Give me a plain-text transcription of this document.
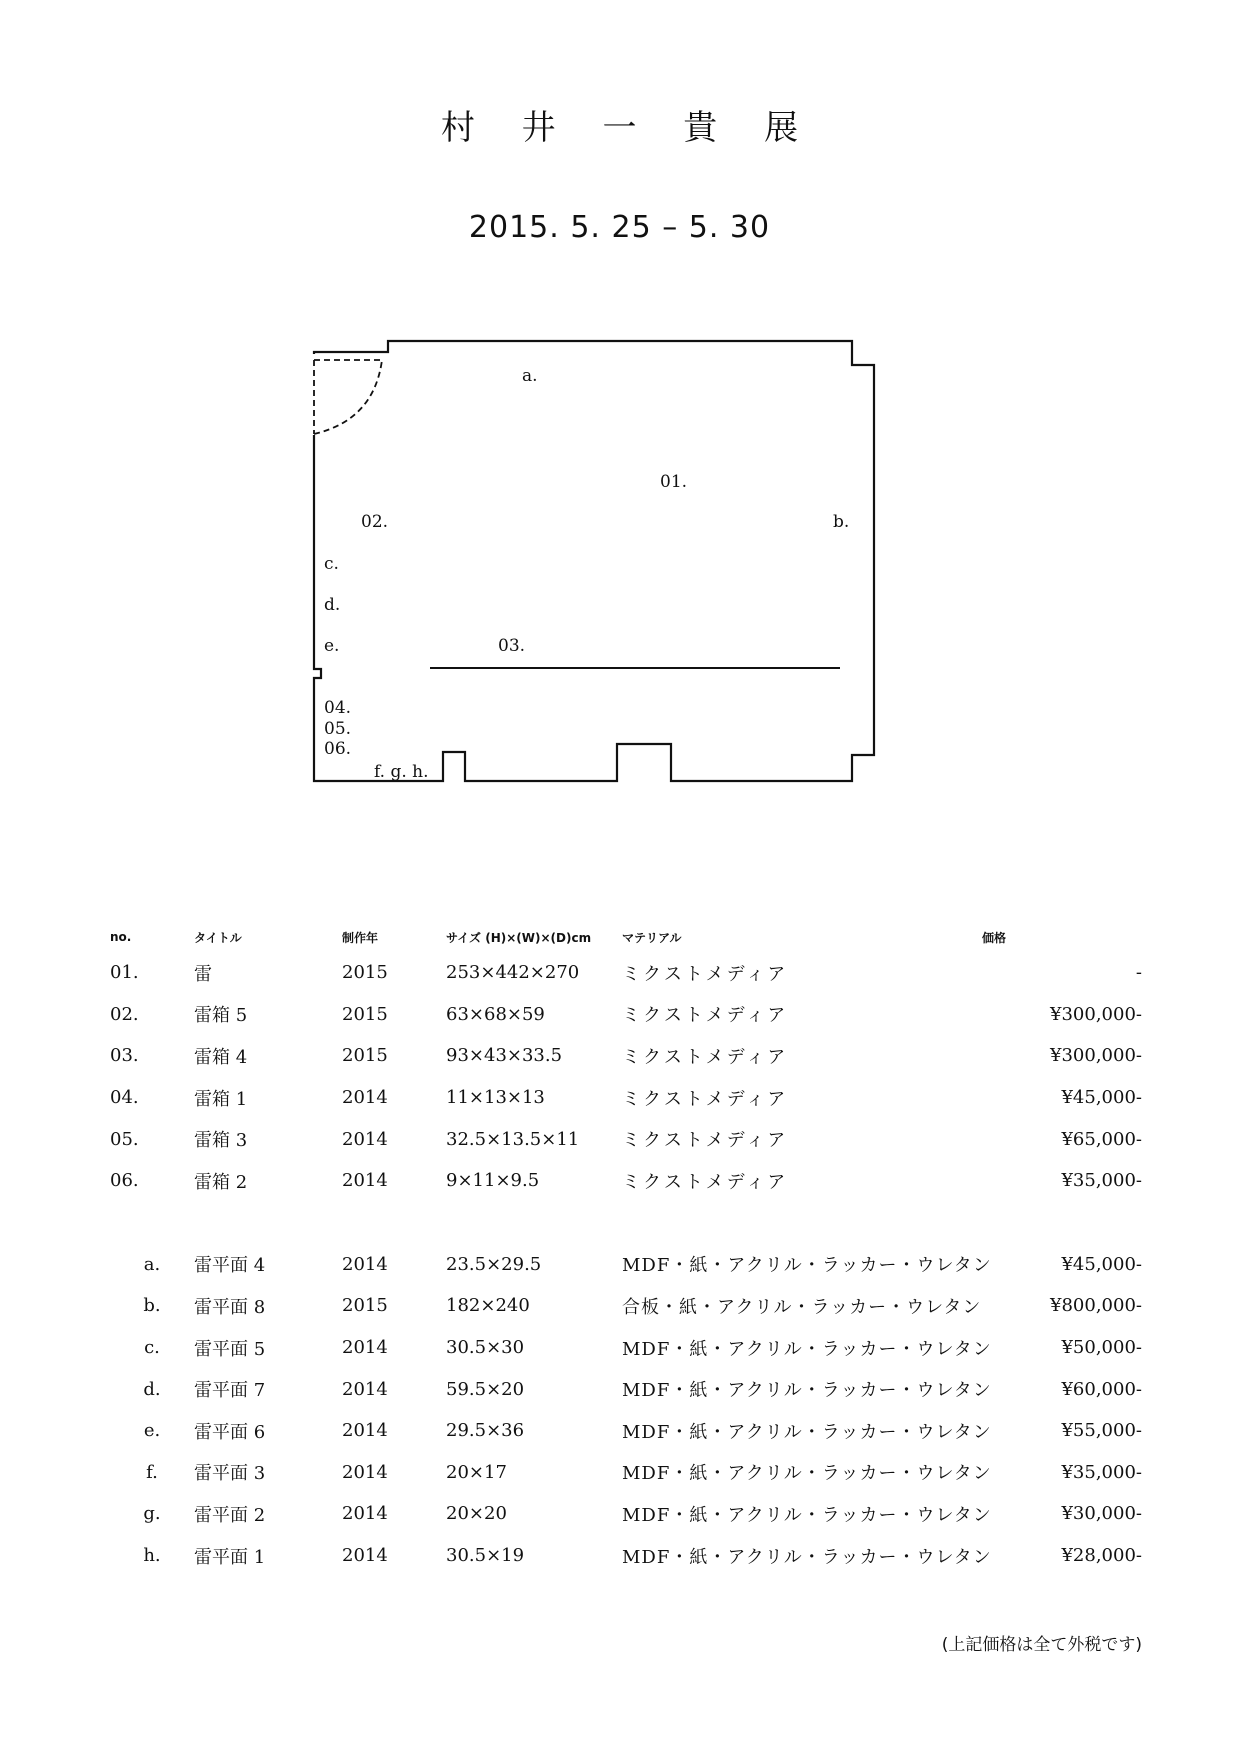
村 井 一 貴 展
2015. 5. 25 – 5. 30
a.
01.
02.	b.
c.
d.
e.	03.
04.
05.
06.
f. g. h.
no.	タイトル	制作年	サイズ (H)×(W)×(D)cm	マテリアル	価格
01.	雷	2015	253×442×270	ミクストメディア	-
02.	雷箱 5	2015	63×68×59	ミクストメディア	¥300,000-
03.	雷箱 4	2015	93×43×33.5	ミクストメディア	¥300,000-
04.	雷箱 1	2014	11×13×13	ミクストメディア	¥45,000-
05.	雷箱 3	2014	32.5×13.5×11	ミクストメディア	¥65,000-
06.	雷箱 2	2014	9×11×9.5	ミクストメディア	¥35,000-

a.	雷平面 4	2014	23.5×29.5	MDF・紙・アクリル・ラッカー・ウレタン	¥45,000-
b.	雷平面 8	2015	182×240	合板・紙・アクリル・ラッカー・ウレタン	¥800,000-
c.	雷平面 5	2014	30.5×30	MDF・紙・アクリル・ラッカー・ウレタン	¥50,000-
d.	雷平面 7	2014	59.5×20	MDF・紙・アクリル・ラッカー・ウレタン	¥60,000-
e.	雷平面 6	2014	29.5×36	MDF・紙・アクリル・ラッカー・ウレタン	¥55,000-
f.	雷平面 3	2014	20×17	MDF・紙・アクリル・ラッカー・ウレタン	¥35,000-
g.	雷平面 2	2014	20×20	MDF・紙・アクリル・ラッカー・ウレタン	¥30,000-
h.	雷平面 1	2014	30.5×19	MDF・紙・アクリル・ラッカー・ウレタン	¥28,000-
(上記価格は全て外税です)
